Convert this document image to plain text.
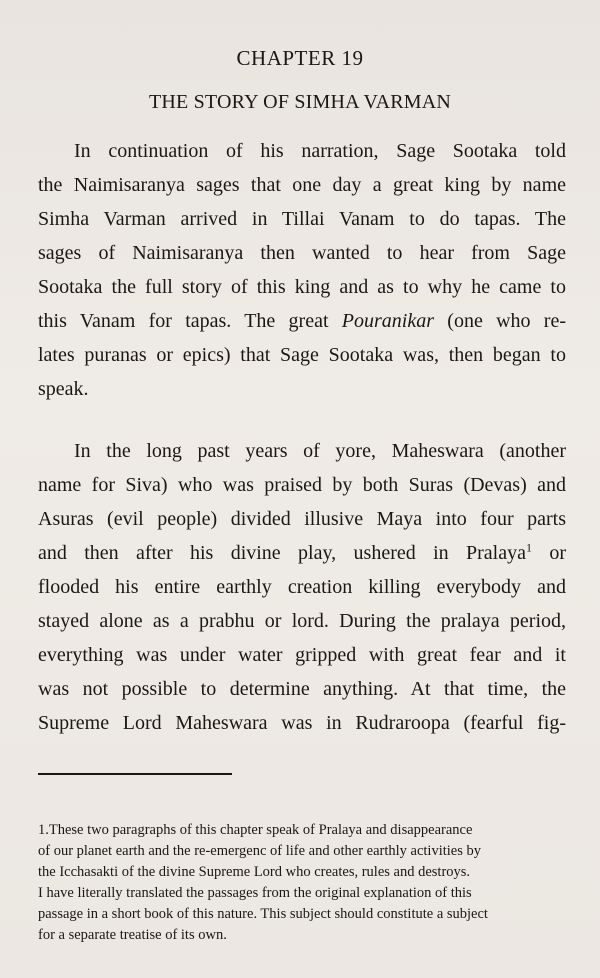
CHAPTER 19
THE STORY OF SIMHA VARMAN
In continuation of his narration, Sage Sootaka told
the Naimisaranya sages that one day a great king by name
Simha Varman arrived in Tillai Vanam to do tapas. The
sages of Naimisaranya then wanted to hear from Sage
Sootaka the full story of this king and as to why he came to
this Vanam for tapas. The great Pouranikar (one who re-
lates puranas or epics) that Sage Sootaka was, then began to
speak.
In the long past years of yore, Maheswara (another
name for Siva) who was praised by both Suras (Devas) and
Asuras (evil people) divided illusive Maya into four parts
and then after his divine play, ushered in Pralaya$^1$ or
flooded his entire earthly creation killing everybody and
stayed alone as a prabhu or lord. During the pralaya period,
everything was under water gripped with great fear and it
was not possible to determine anything. At that time, the
Supreme Lord Maheswara was in Rudraroopa (fearful fig-
1.These two paragraphs of this chapter speak of Pralaya and disappearance
of our planet earth and the re-emergenc of life and other earthly activities by
the Icchasakti of the divine Supreme Lord who creates, rules and destroys.
I have literally translated the passages from the original explanation of this
passage in a short book of this nature. This subject should constitute a subject
for a separate treatise of its own.
